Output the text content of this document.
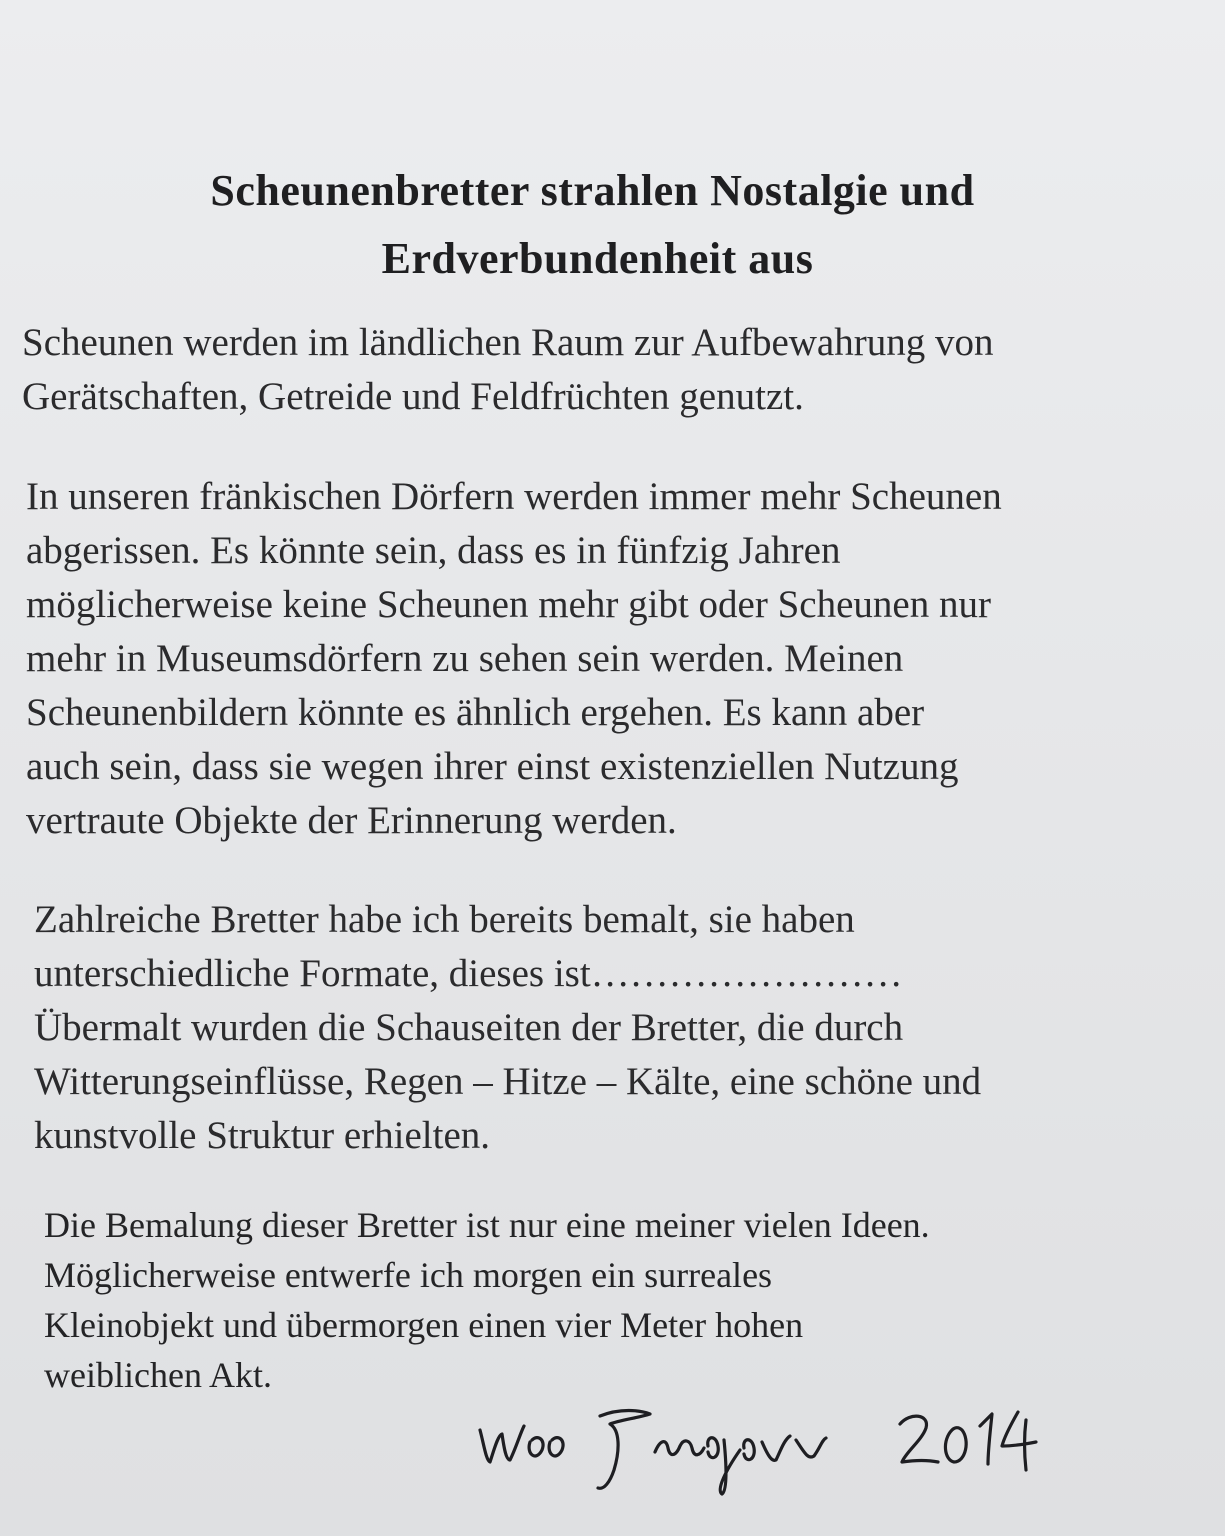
Scheunenbretter strahlen Nostalgie und
Erdverbundenheit aus
Scheunen werden im ländlichen Raum zur Aufbewahrung von
Gerätschaften, Getreide und Feldfrüchten genutzt.
In unseren fränkischen Dörfern werden immer mehr Scheunen
abgerissen. Es könnte sein, dass es in fünfzig Jahren
möglicherweise keine Scheunen mehr gibt oder Scheunen nur
mehr in Museumsdörfern zu sehen sein werden. Meinen
Scheunenbildern könnte es ähnlich ergehen. Es kann aber
auch sein, dass sie wegen ihrer einst existenziellen Nutzung
vertraute Objekte der Erinnerung werden.
Zahlreiche Bretter habe ich bereits bemalt, sie haben
unterschiedliche Formate, dieses ist……………………
Übermalt wurden die Schauseiten der Bretter, die durch
Witterungseinflüsse, Regen – Hitze – Kälte, eine schöne und
kunstvolle Struktur erhielten.
Die Bemalung dieser Bretter ist nur eine meiner vielen Ideen.
Möglicherweise entwerfe ich morgen ein surreales
Kleinobjekt und übermorgen einen vier Meter hohen
weiblichen Akt.
